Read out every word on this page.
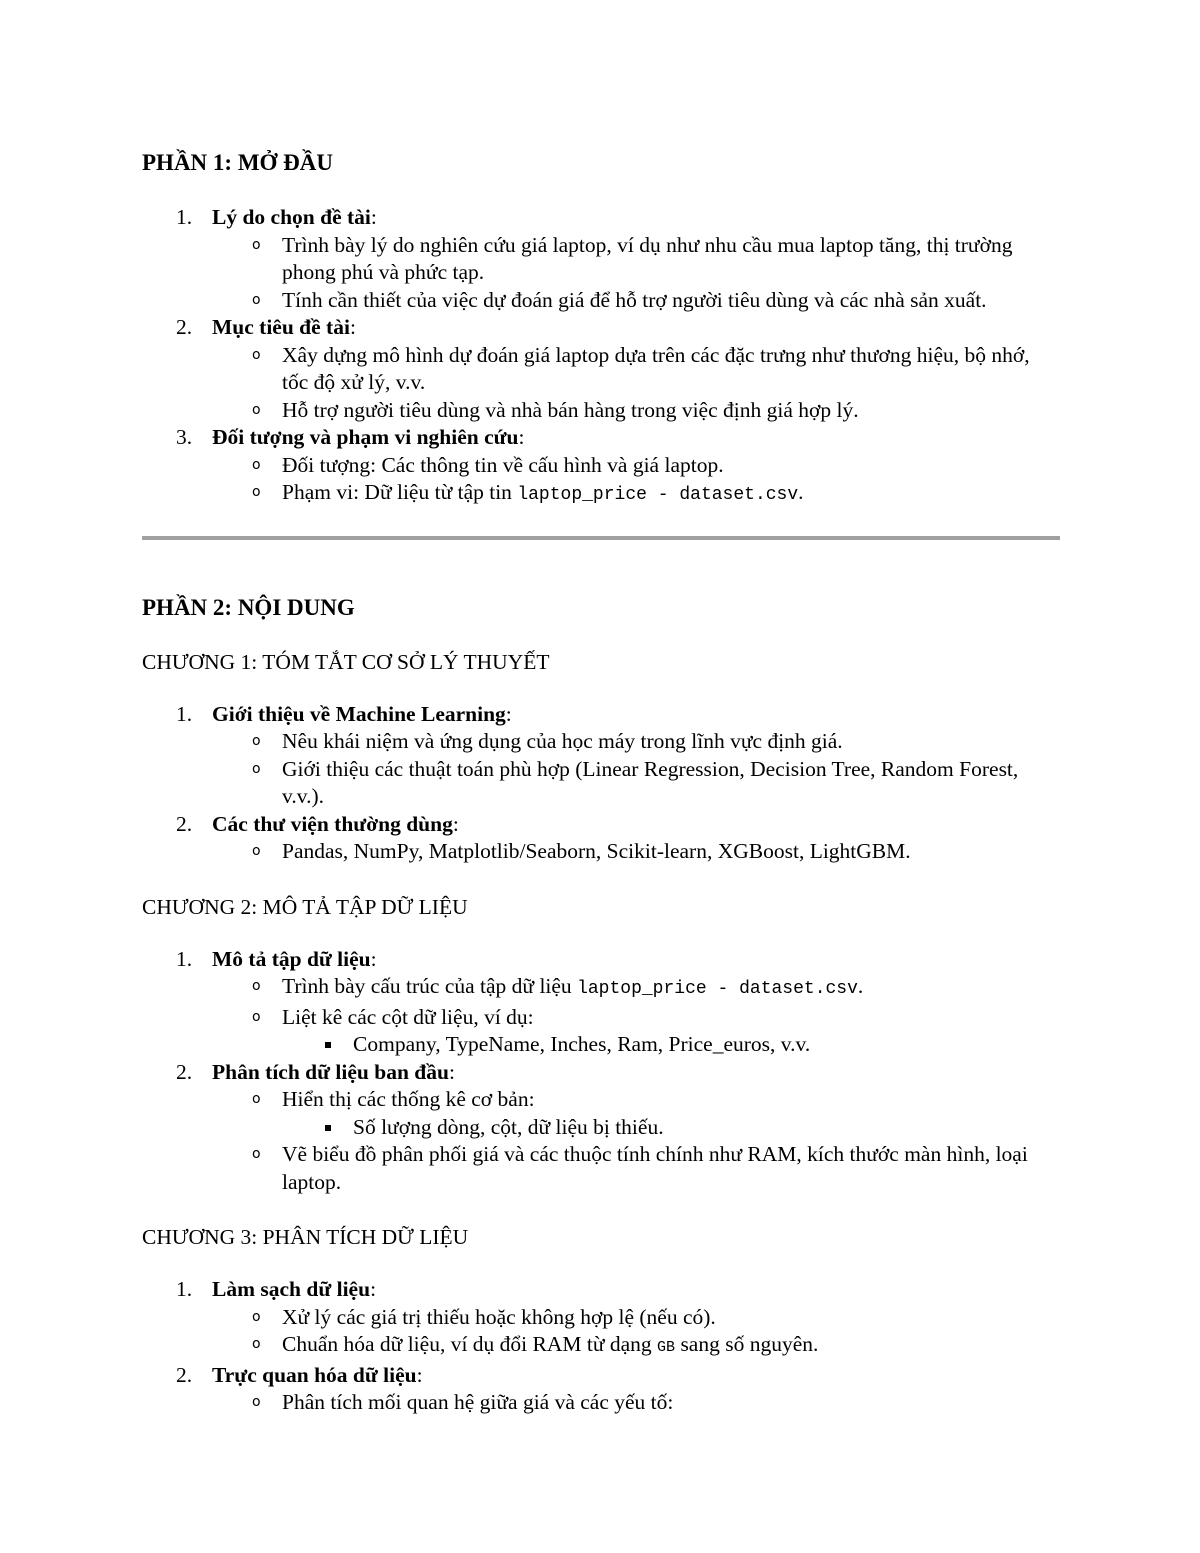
PHẦN 1: MỞ ĐẦU
1. Lý do chọn đề tài:
o Trình bày lý do nghiên cứu giá laptop, ví dụ như nhu cầu mua laptop tăng, thị trường phong phú và phức tạp.
o Tính cần thiết của việc dự đoán giá để hỗ trợ người tiêu dùng và các nhà sản xuất.
2. Mục tiêu đề tài:
o Xây dựng mô hình dự đoán giá laptop dựa trên các đặc trưng như thương hiệu, bộ nhớ, tốc độ xử lý, v.v.
o Hỗ trợ người tiêu dùng và nhà bán hàng trong việc định giá hợp lý.
3. Đối tượng và phạm vi nghiên cứu:
o Đối tượng: Các thông tin về cấu hình và giá laptop.
o Phạm vi: Dữ liệu từ tập tin laptop_price - dataset.csv.
PHẦN 2: NỘI DUNG
CHƯƠNG 1: TÓM TẮT CƠ SỞ LÝ THUYẾT
1. Giới thiệu về Machine Learning:
o Nêu khái niệm và ứng dụng của học máy trong lĩnh vực định giá.
o Giới thiệu các thuật toán phù hợp (Linear Regression, Decision Tree, Random Forest, v.v.).
2. Các thư viện thường dùng:
o Pandas, NumPy, Matplotlib/Seaborn, Scikit-learn, XGBoost, LightGBM.
CHƯƠNG 2: MÔ TẢ TẬP DỮ LIỆU
1. Mô tả tập dữ liệu:
o Trình bày cấu trúc của tập dữ liệu laptop_price - dataset.csv.
o Liệt kê các cột dữ liệu, ví dụ:
Company, TypeName, Inches, Ram, Price_euros, v.v.
2. Phân tích dữ liệu ban đầu:
o Hiển thị các thống kê cơ bản:
Số lượng dòng, cột, dữ liệu bị thiếu.
o Vẽ biểu đồ phân phối giá và các thuộc tính chính như RAM, kích thước màn hình, loại laptop.
CHƯƠNG 3: PHÂN TÍCH DỮ LIỆU
1. Làm sạch dữ liệu:
o Xử lý các giá trị thiếu hoặc không hợp lệ (nếu có).
o Chuẩn hóa dữ liệu, ví dụ đổi RAM từ dạng GB sang số nguyên.
2. Trực quan hóa dữ liệu:
o Phân tích mối quan hệ giữa giá và các yếu tố:
